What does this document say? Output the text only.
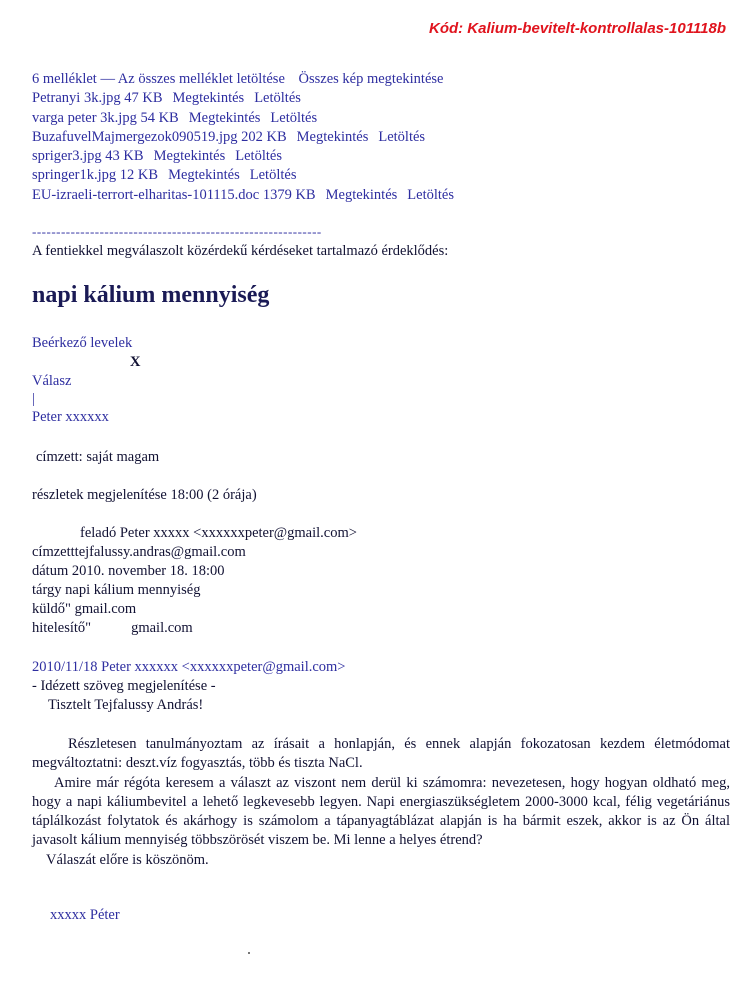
Kód: Kalium-bevitelt-kontrollalas-101118b
6 melléklet — Az összes melléklet letöltése Összes kép megtekintése
Petranyi 3k.jpg 47 KB Megtekintés Letöltés
varga peter 3k.jpg 54 KB Megtekintés Letöltés
BuzafuvelMajmergezok090519.jpg 202 KB Megtekintés Letöltés
spriger3.jpg 43 KB Megtekintés Letöltés
springer1k.jpg 12 KB Megtekintés Letöltés
EU-izraeli-terrort-elharitas-101115.doc 1379 KB Megtekintés Letöltés
------------------------------------------------------------
A fentiekkel megválaszolt közérdekű kérdéseket tartalmazó érdeklődés:
napi kálium mennyiség
Beérkező levelek
X
Válasz
|
Peter xxxxxx
címzett: saját magam
részletek megjelenítése 18:00 (2 órája)
feladó Peter xxxxx <xxxxxxpeter@gmail.com>
címzetttejfalussy.andras@gmail.com
dátum 2010. november 18. 18:00
tárgy napi kálium mennyiség
küldő" gmail.com
hitelesítő"	gmail.com
2010/11/18 Peter xxxxxx <xxxxxxpeter@gmail.com>
- Idézett szöveg megjelenítése -
Tisztelt Tejfalussy András!

Részletesen tanulmányoztam az írásait a honlapján, és ennek alapján fokozatosan kezdem életmódomat megváltoztatni: deszt.víz fogyasztás, több és tiszta NaCl.

Amire már régóta keresem a választ az viszont nem derül ki számomra: nevezetesen, hogy hogyan oldható meg, hogy a napi káliumbevitel a lehető legkevesebb legyen. Napi energiaszükségletem 2000-3000 kcal, félig vegetáriánus táplálkozást folytatok és akárhogy is számolom a tápanyagtáblázat alapján is ha bármit eszek, akkor is az Ön által javasolt kálium mennyiség többszörösét viszem be. Mi lenne a helyes étrend?

Válaszát előre is köszönöm.

xxxxx Péter
